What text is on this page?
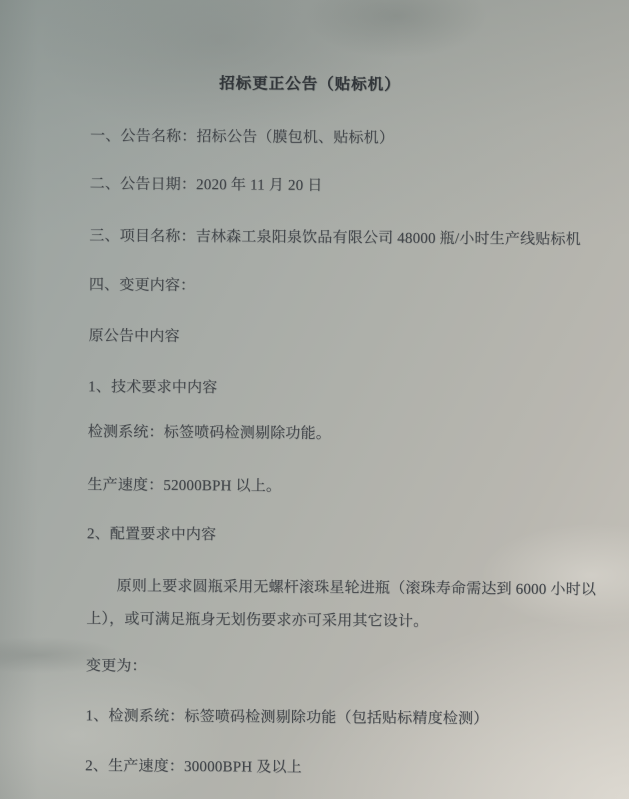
招标更正公告（贴标机）
一、公告名称：招标公告（膜包机、贴标机）
二、公告日期：2020 年 11 月 20 日
三、项目名称：吉林森工泉阳泉饮品有限公司 48000 瓶/小时生产线贴标机
四、变更内容：
原公告中内容
1、技术要求中内容
检测系统：标签喷码检测剔除功能。
生产速度：52000BPH 以上。
2、配置要求中内容
原则上要求圆瓶采用无螺杆滚珠星轮进瓶（滚珠寿命需达到 6000 小时以
上），或可满足瓶身无划伤要求亦可采用其它设计。
变更为：
1、检测系统：标签喷码检测剔除功能（包括贴标精度检测）
2、生产速度：30000BPH 及以上
